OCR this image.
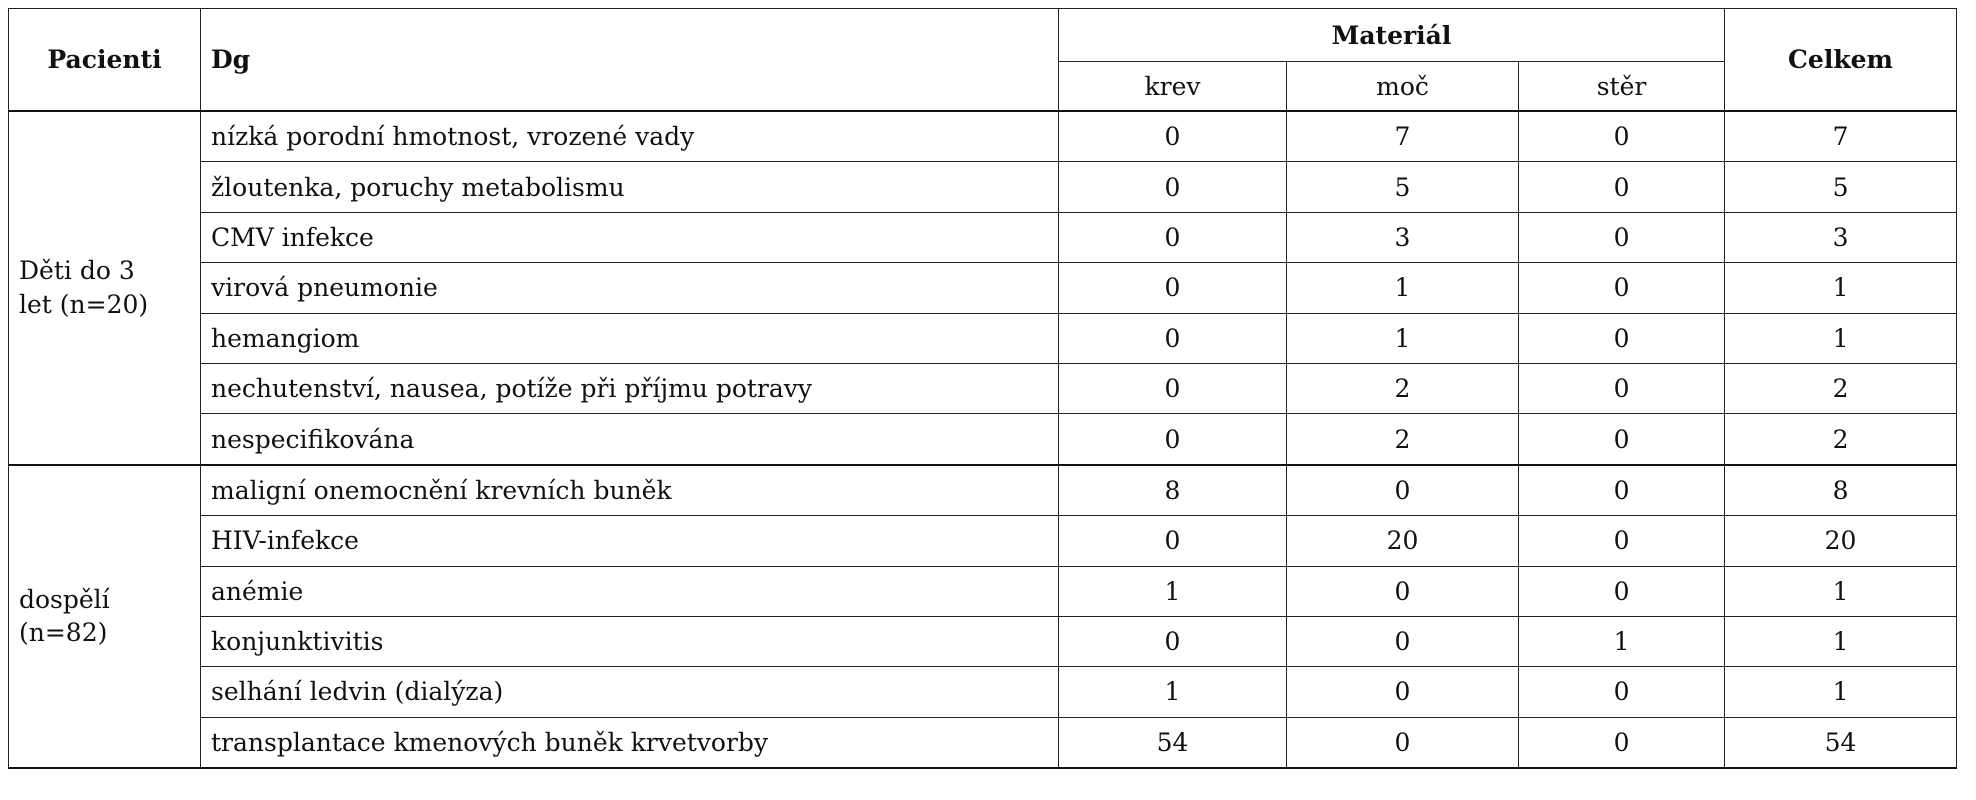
Pacienti	Dg	Materiál			Celkem
		krev	moč	stěr	
Děti do 3
let (n=20)	nízká porodní hmotnost, vrozené vady	0	7	0	7
	žloutenka, poruchy metabolismu	0	5	0	5
	CMV infekce	0	3	0	3
	virová pneumonie	0	1	0	1
	hemangiom	0	1	0	1
	nechutenství, nausea, potíže při příjmu potravy	0	2	0	2
	nespecifikována	0	2	0	2
dospělí
(n=82)	maligní onemocnění krevních buněk	8	0	0	8
	HIV-infekce	0	20	0	20
	anémie	1	0	0	1
	konjunktivitis	0	0	1	1
	selhání ledvin (dialýza)	1	0	0	1
	transplantace kmenových buněk krvetvorby	54	0	0	54
